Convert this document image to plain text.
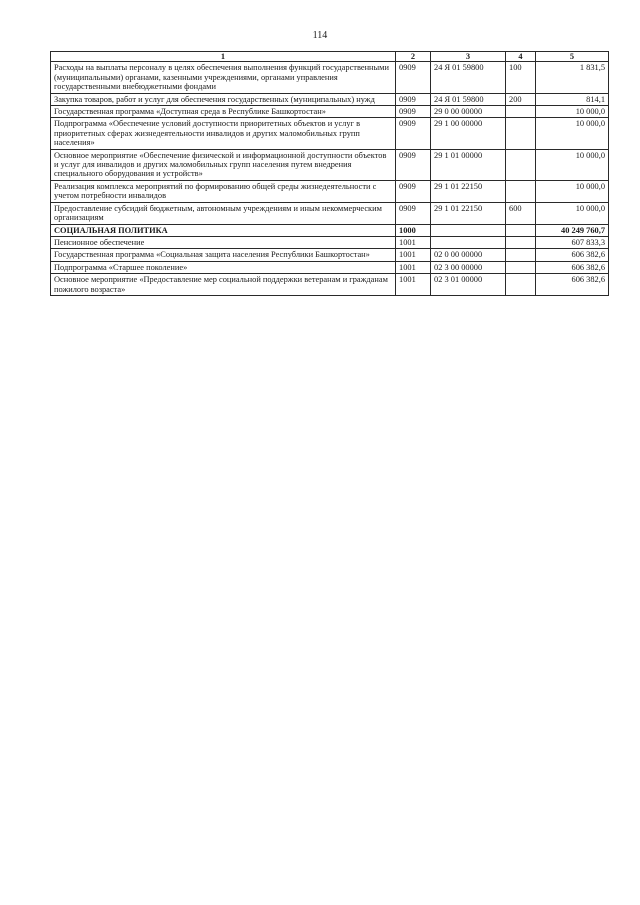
114
1	2	3	4	5
Расходы на выплаты персоналу в целях обеспечения выполнения функций государственными (муниципальными) органами, казенными учреждениями, органами управления государственными внебюджетными фондами	0909	24 Я 01 59800	100	1 831,5
Закупка товаров, работ и услуг для обеспечения государственных (муниципальных) нужд	0909	24 Я 01 59800	200	814,1
Государственная программа «Доступная среда в Республике Башкортостан»	0909	29 0 00 00000		10 000,0
Подпрограмма «Обеспечение условий доступности приоритетных объектов и услуг в приоритетных сферах жизнедеятельности инвалидов и других маломобильных групп населения»	0909	29 1 00 00000		10 000,0
Основное мероприятие «Обеспечение физической и информационной доступности объектов и услуг для инвалидов и других маломобильных групп населения путем внедрения специального оборудования и устройств»	0909	29 1 01 00000		10 000,0
Реализация комплекса мероприятий по формированию общей среды жизнедеятельности с учетом потребности инвалидов	0909	29 1 01 22150		10 000,0
Предоставление субсидий бюджетным, автономным учреждениям и иным некоммерческим организациям	0909	29 1 01 22150	600	10 000,0
СОЦИАЛЬНАЯ ПОЛИТИКА	1000			40 249 760,7
Пенсионное обеспечение	1001			607 833,3
Государственная программа «Социальная защита населения Республики Башкортостан»	1001	02 0 00 00000		606 382,6
Подпрограмма «Старшее поколение»	1001	02 3 00 00000		606 382,6
Основное мероприятие «Предоставление мер социальной поддержки ветеранам и гражданам пожилого возраста»	1001	02 3 01 00000		606 382,6
